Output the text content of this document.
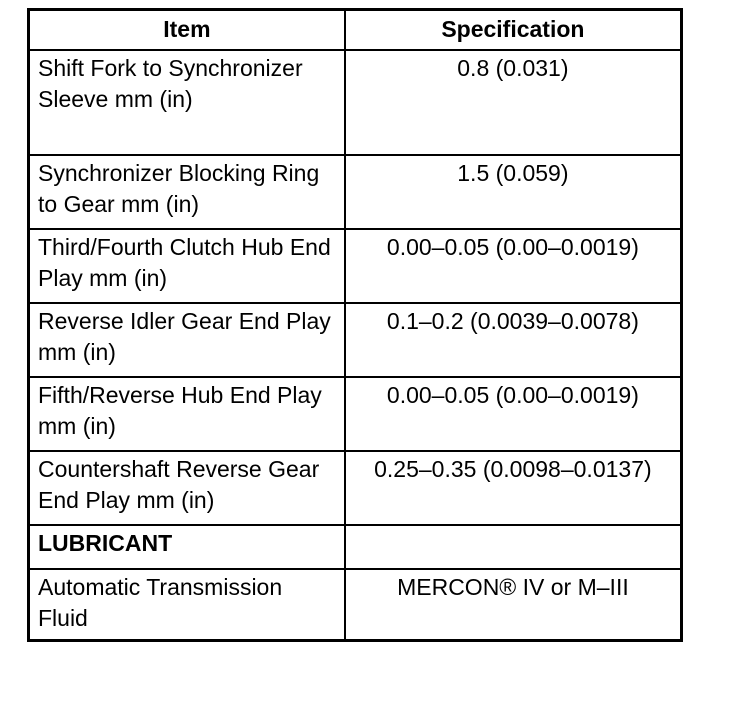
Item	Specification
Shift Fork to Synchronizer Sleeve mm (in)	0.8 (0.031)
Synchronizer Blocking Ring to Gear mm (in)	1.5 (0.059)
Third/Fourth Clutch Hub End Play mm (in)	0.00–0.05 (0.00–0.0019)
Reverse Idler Gear End Play mm (in)	0.1–0.2 (0.0039–0.0078)
Fifth/Reverse Hub End Play mm (in)	0.00–0.05 (0.00–0.0019)
Countershaft Reverse Gear End Play mm (in)	0.25–0.35 (0.0098–0.0137)
LUBRICANT	
Automatic Transmission Fluid	MERCON® IV or M–III
